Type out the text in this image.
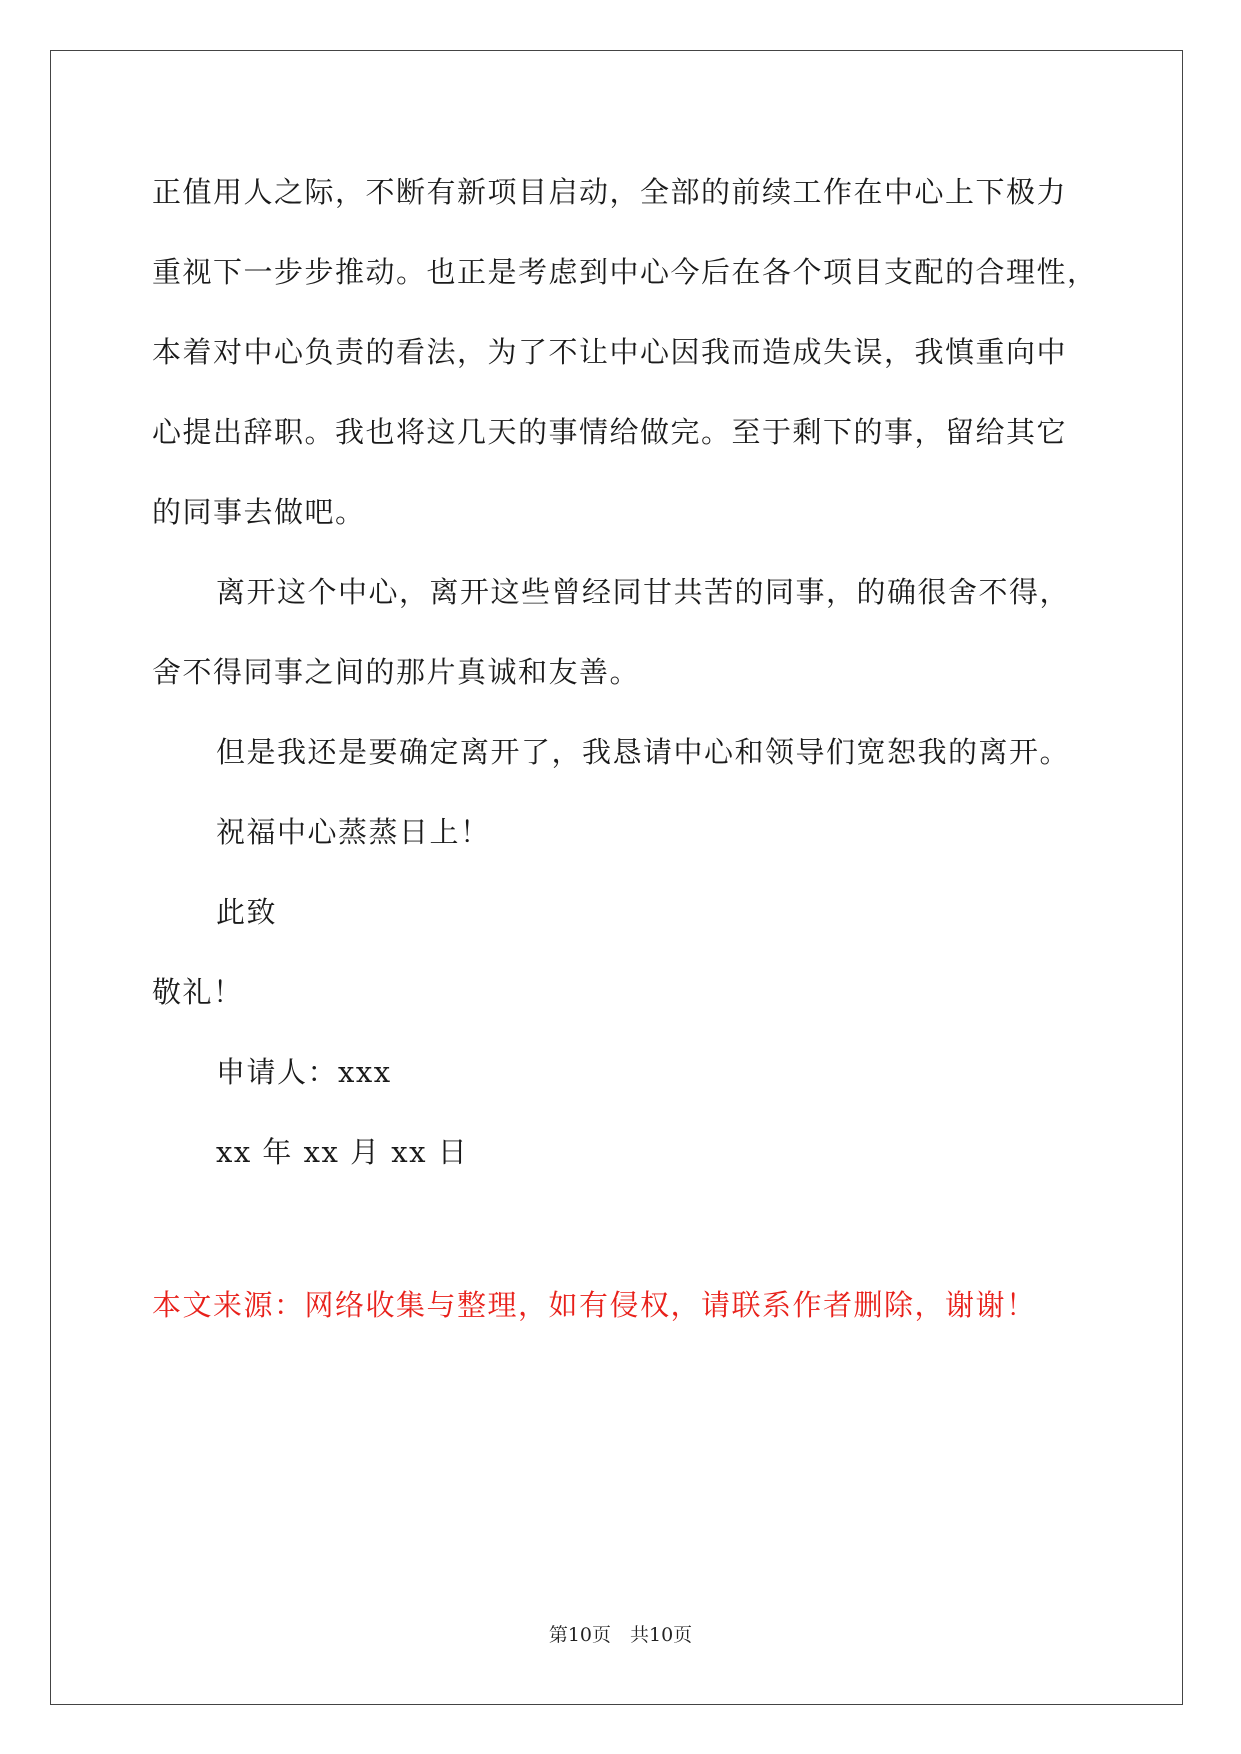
正值用人之际，不断有新项目启动，全部的前续工作在中心上下极力
重视下一步步推动。也正是考虑到中心今后在各个项目支配的合理性，
本着对中心负责的看法，为了不让中心因我而造成失误，我慎重向中
心提出辞职。我也将这几天的事情给做完。至于剩下的事，留给其它
的同事去做吧。
离开这个中心，离开这些曾经同甘共苦的同事，的确很舍不得，
舍不得同事之间的那片真诚和友善。
但是我还是要确定离开了，我恳请中心和领导们宽恕我的离开。
祝福中心蒸蒸日上！
此致
敬礼！
申请人：xxx
xx 年 xx 月 xx 日
本文来源：网络收集与整理，如有侵权，请联系作者删除，谢谢！
第10页　共10页
